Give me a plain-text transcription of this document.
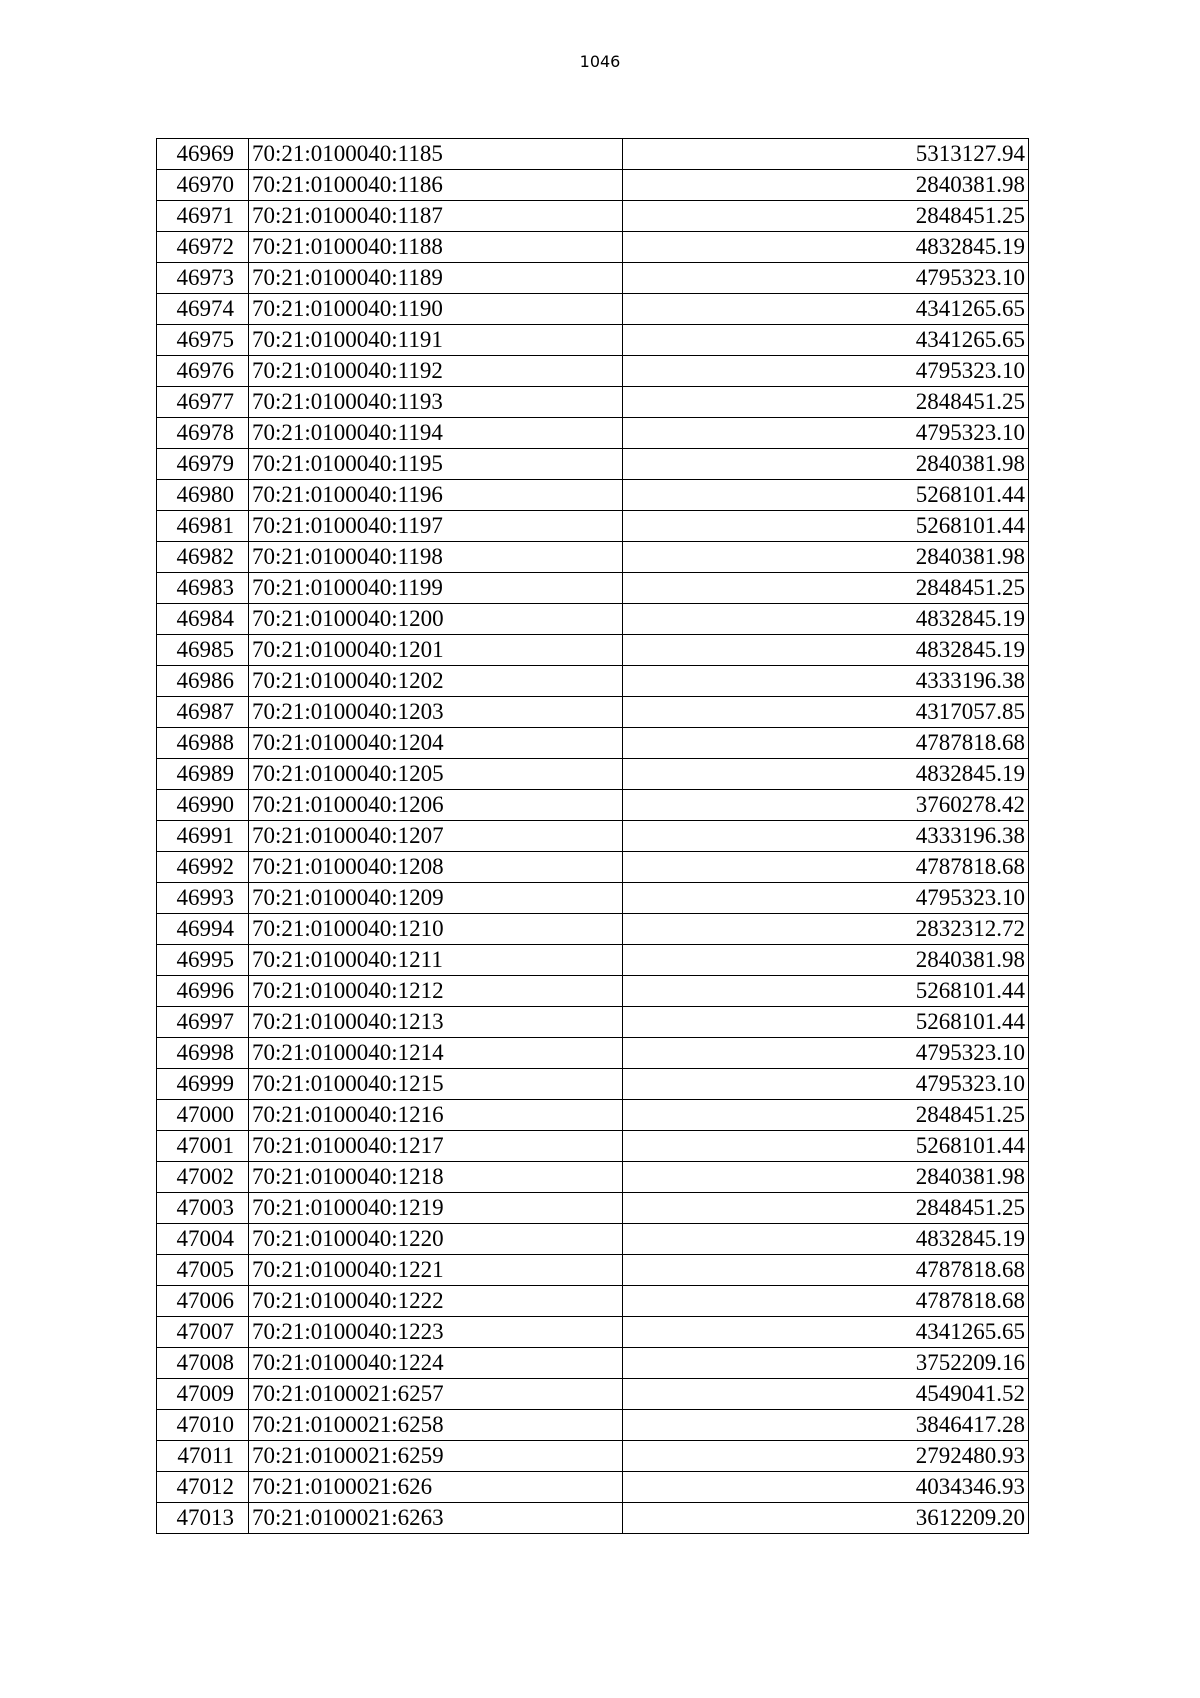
1046
46969	70:21:0100040:1185	5313127.94
46970	70:21:0100040:1186	2840381.98
46971	70:21:0100040:1187	2848451.25
46972	70:21:0100040:1188	4832845.19
46973	70:21:0100040:1189	4795323.10
46974	70:21:0100040:1190	4341265.65
46975	70:21:0100040:1191	4341265.65
46976	70:21:0100040:1192	4795323.10
46977	70:21:0100040:1193	2848451.25
46978	70:21:0100040:1194	4795323.10
46979	70:21:0100040:1195	2840381.98
46980	70:21:0100040:1196	5268101.44
46981	70:21:0100040:1197	5268101.44
46982	70:21:0100040:1198	2840381.98
46983	70:21:0100040:1199	2848451.25
46984	70:21:0100040:1200	4832845.19
46985	70:21:0100040:1201	4832845.19
46986	70:21:0100040:1202	4333196.38
46987	70:21:0100040:1203	4317057.85
46988	70:21:0100040:1204	4787818.68
46989	70:21:0100040:1205	4832845.19
46990	70:21:0100040:1206	3760278.42
46991	70:21:0100040:1207	4333196.38
46992	70:21:0100040:1208	4787818.68
46993	70:21:0100040:1209	4795323.10
46994	70:21:0100040:1210	2832312.72
46995	70:21:0100040:1211	2840381.98
46996	70:21:0100040:1212	5268101.44
46997	70:21:0100040:1213	5268101.44
46998	70:21:0100040:1214	4795323.10
46999	70:21:0100040:1215	4795323.10
47000	70:21:0100040:1216	2848451.25
47001	70:21:0100040:1217	5268101.44
47002	70:21:0100040:1218	2840381.98
47003	70:21:0100040:1219	2848451.25
47004	70:21:0100040:1220	4832845.19
47005	70:21:0100040:1221	4787818.68
47006	70:21:0100040:1222	4787818.68
47007	70:21:0100040:1223	4341265.65
47008	70:21:0100040:1224	3752209.16
47009	70:21:0100021:6257	4549041.52
47010	70:21:0100021:6258	3846417.28
47011	70:21:0100021:6259	2792480.93
47012	70:21:0100021:626	4034346.93
47013	70:21:0100021:6263	3612209.20
